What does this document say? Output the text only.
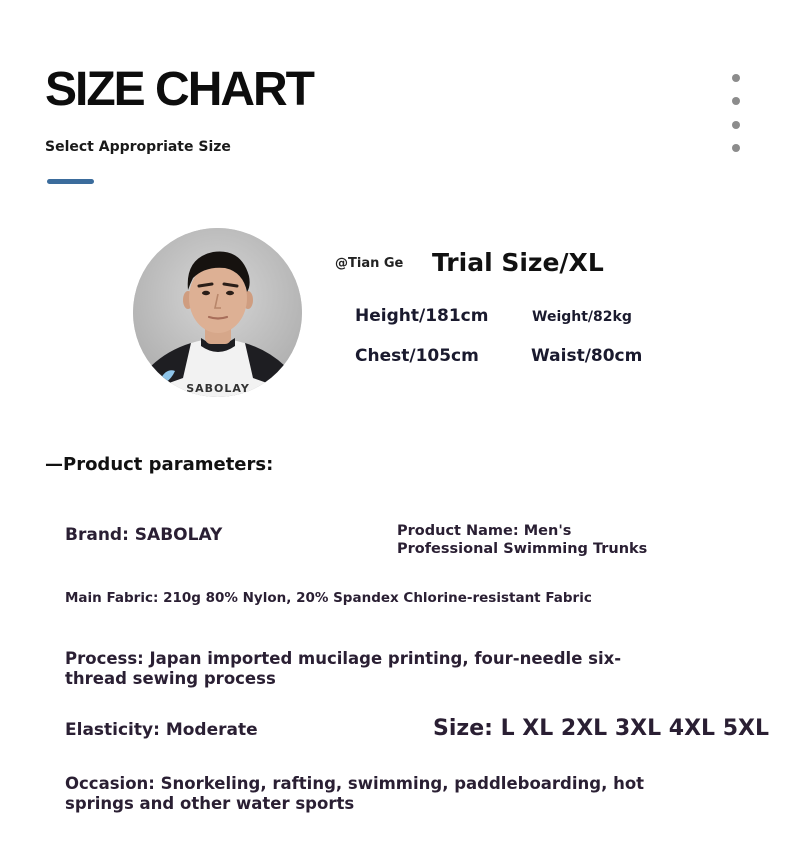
SIZE CHART
Select Appropriate Size
SABOLAY
@Tian Ge Trial Size/XL
Height/181cm	Weight/82kg
Chest/105cm	Waist/80cm
—Product parameters:
Brand: SABOLAY	Product Name: Men's Professional Swimming Trunks
Main Fabric: 210g 80% Nylon, 20% Spandex Chlorine-resistant Fabric
Process: Japan imported mucilage printing, four-needle six-thread sewing process
Elasticity: Moderate	Size: L XL 2XL 3XL 4XL 5XL
Occasion: Snorkeling, rafting, swimming, paddleboarding, hot springs and other water sports
